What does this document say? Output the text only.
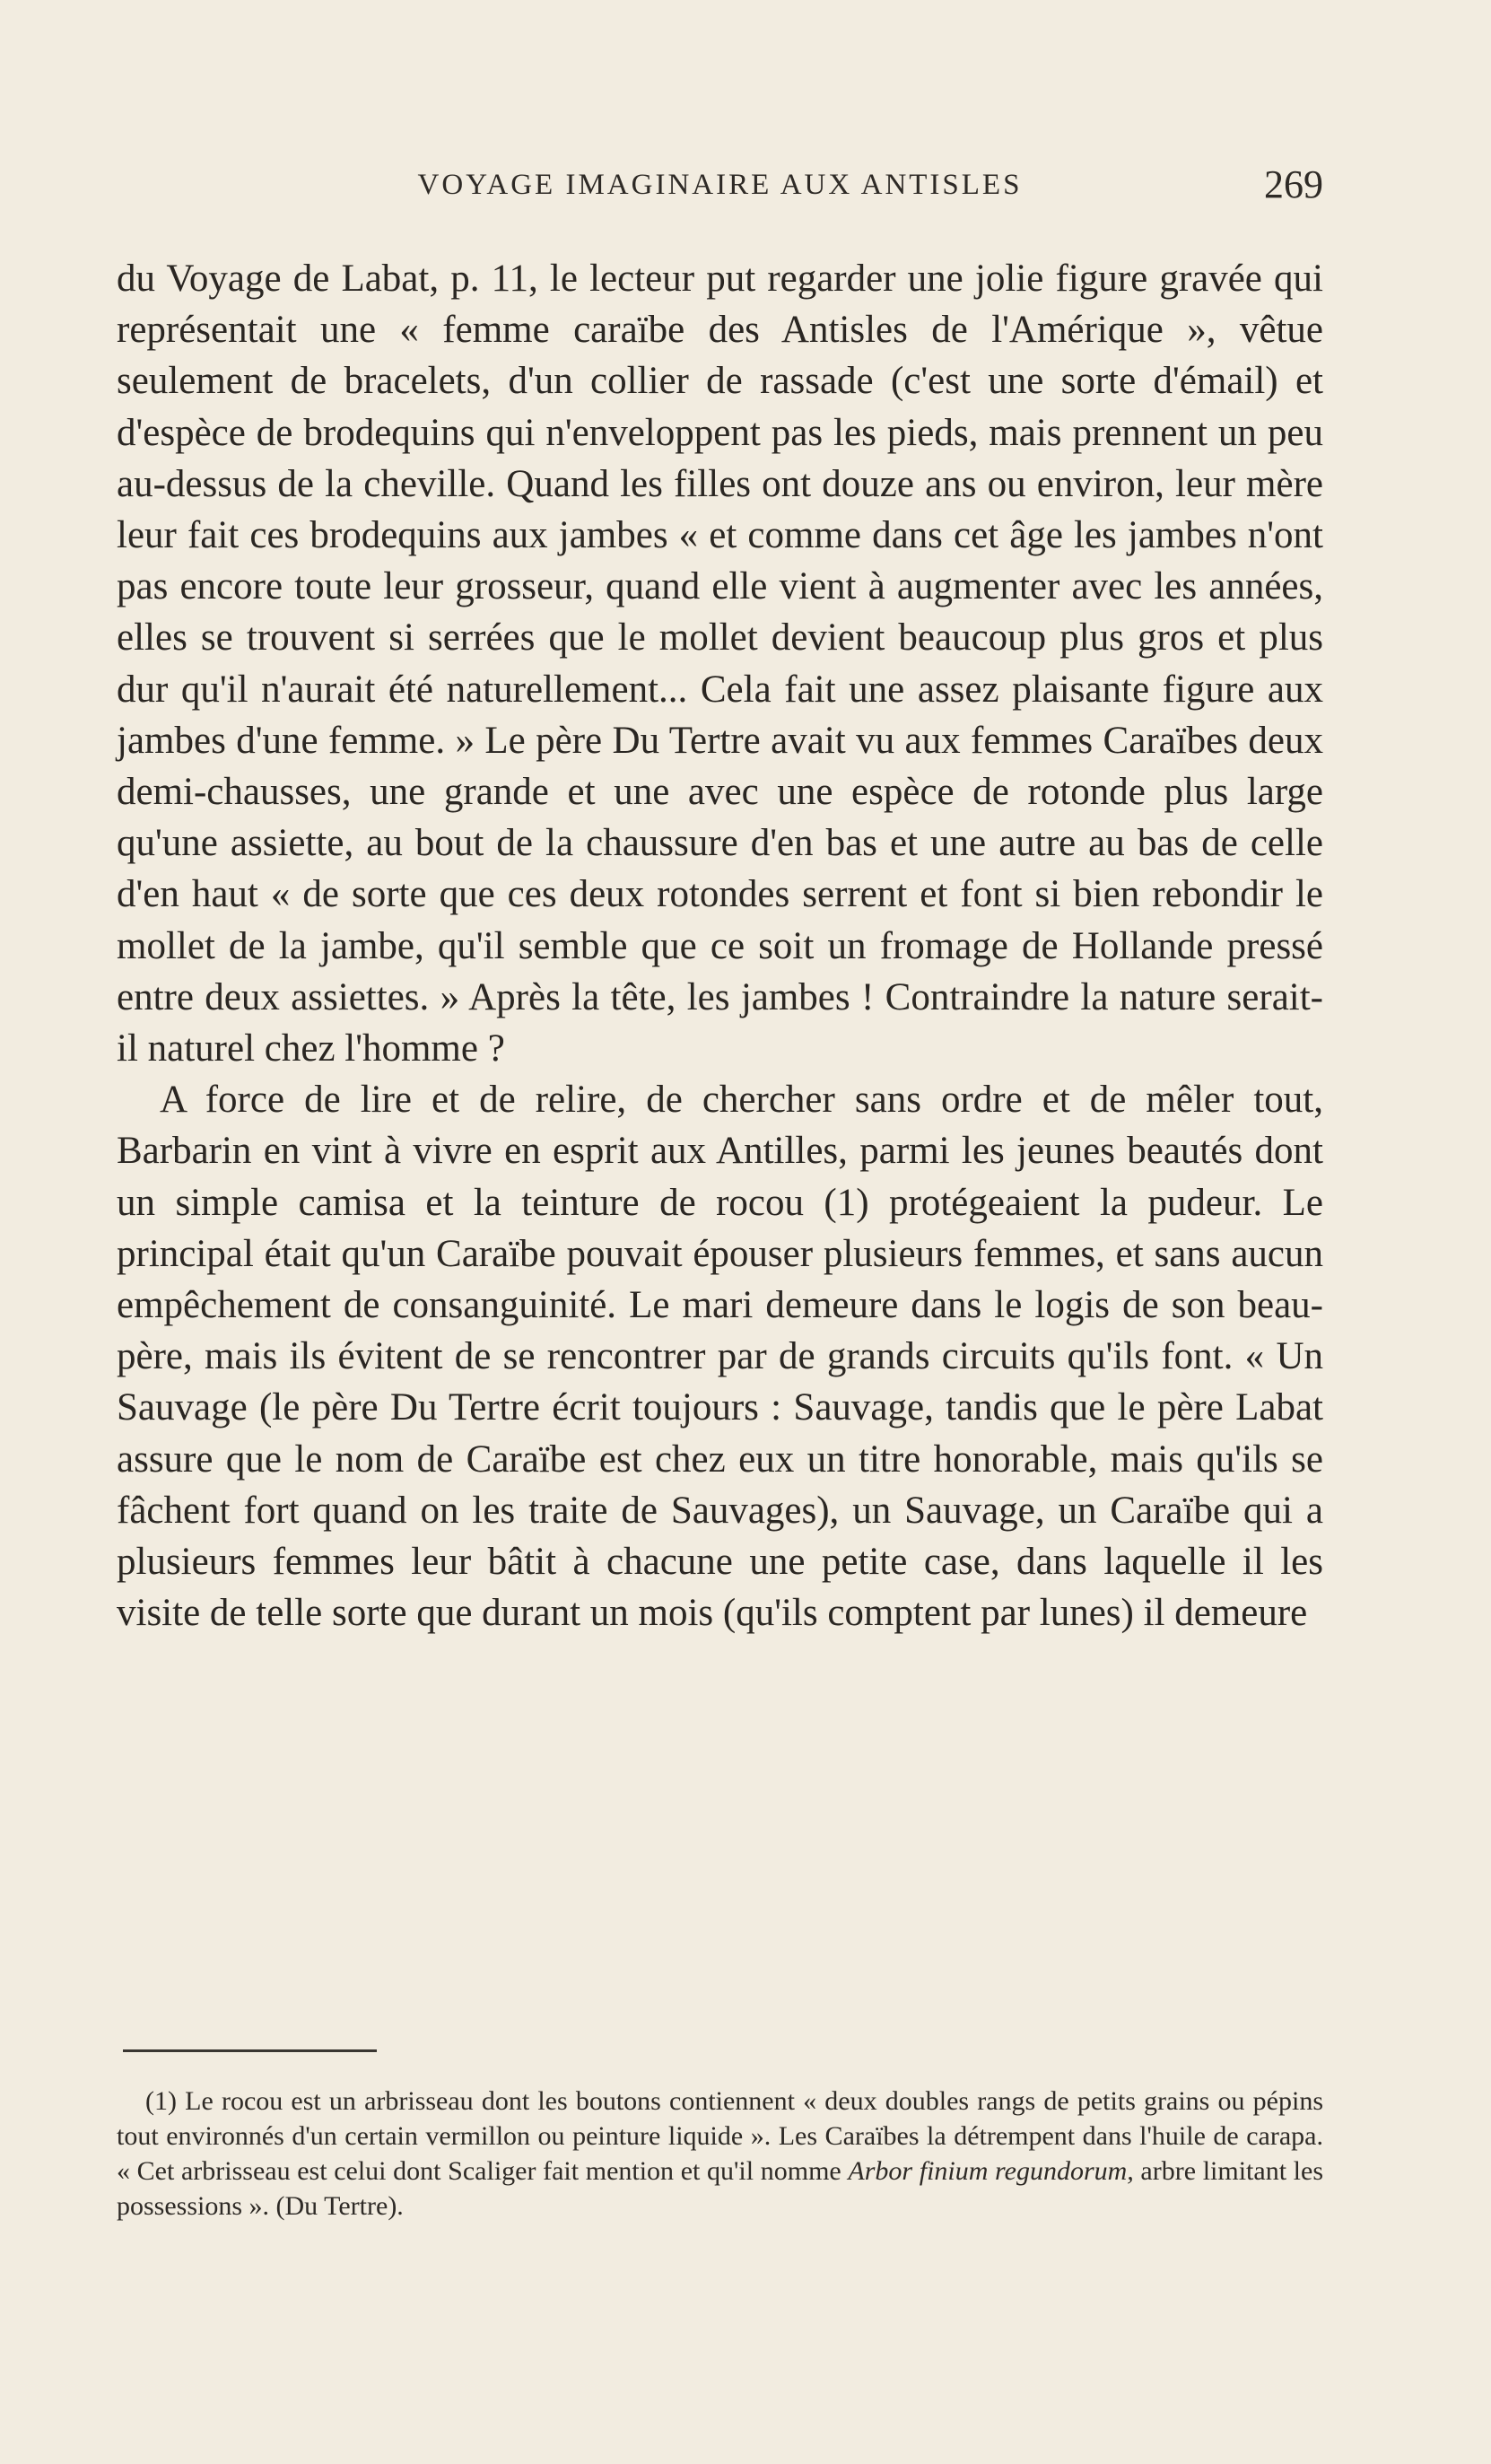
VOYAGE IMAGINAIRE AUX ANTISLES	269

du Voyage de Labat, p. 11, le lecteur put regarder une jolie figure gravée qui représentait une « femme caraïbe des Antisles de l'Amérique », vêtue seulement de bracelets, d'un collier de rassade (c'est une sorte d'émail) et d'espèce de brodequins qui n'enveloppent pas les pieds, mais prennent un peu au-dessus de la cheville. Quand les filles ont douze ans ou environ, leur mère leur fait ces brodequins aux jambes « et comme dans cet âge les jambes n'ont pas encore toute leur grosseur, quand elle vient à augmenter avec les années, elles se trouvent si serrées que le mollet devient beaucoup plus gros et plus dur qu'il n'aurait été naturellement... Cela fait une assez plaisante figure aux jambes d'une femme. » Le père Du Tertre avait vu aux femmes Caraïbes deux demi-chausses, une grande et une avec une espèce de rotonde plus large qu'une assiette, au bout de la chaussure d'en bas et une autre au bas de celle d'en haut « de sorte que ces deux rotondes serrent et font si bien rebondir le mollet de la jambe, qu'il semble que ce soit un fromage de Hollande pressé entre deux assiettes. » Après la tête, les jambes ! Contraindre la nature serait-il naturel chez l'homme ?

A force de lire et de relire, de chercher sans ordre et de mêler tout, Barbarin en vint à vivre en esprit aux Antilles, parmi les jeunes beautés dont un simple camisa et la teinture de rocou (1) protégeaient la pudeur. Le principal était qu'un Caraïbe pouvait épouser plusieurs femmes, et sans aucun empêchement de consanguinité. Le mari demeure dans le logis de son beau-père, mais ils évitent de se rencontrer par de grands circuits qu'ils font. « Un Sauvage (le père Du Tertre écrit toujours : Sauvage, tandis que le père Labat assure que le nom de Caraïbe est chez eux un titre honorable, mais qu'ils se fâchent fort quand on les traite de Sauvages), un Sauvage, un Caraïbe qui a plusieurs femmes leur bâtit à chacune une petite case, dans laquelle il les visite de telle sorte que durant un mois (qu'ils comptent par lunes) il demeure

(1) Le rocou est un arbrisseau dont les boutons contiennent « deux doubles rangs de petits grains ou pépins tout environnés d'un certain vermillon ou peinture liquide ». Les Caraïbes la détrempent dans l'huile de carapa. « Cet arbrisseau est celui dont Scaliger fait mention et qu'il nomme Arbor finium regundorum, arbre limitant les possessions ». (Du Tertre).
